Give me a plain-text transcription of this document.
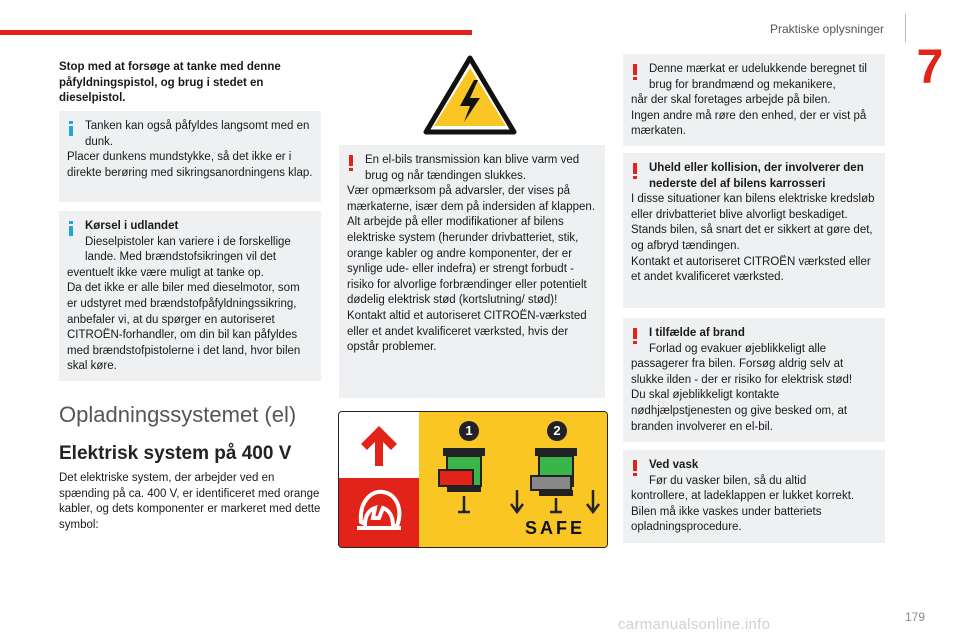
Praktiske oplysninger
7
Stop med at forsøge at tanke med denne påfyldningspistol, og brug i stedet en dieselpistol.
Tanken kan også påfyldes langsomt med en dunk.
Placer dunkens mundstykke, så det ikke er i direkte berøring med sikringsanordningens klap.
Kørsel i udlandet
Dieselpistoler kan variere i de forskellige lande. Med brændstofsikringen vil det
eventuelt ikke være muligt at tanke op.
Da det ikke er alle biler med dieselmotor, som er udstyret med brændstofpåfyldningssikring, anbefaler vi, at du spørger en autoriseret CITROËN-forhandler, om din bil kan påfyldes med brændstofpistolerne i det land, hvor bilen skal køre.
Opladningssystemet (el)
Elektrisk system på 400 V
Det elektriske system, der arbejder ved en spænding på ca. 400 V, er identificeret med orange kabler, og dets komponenter er markeret med dette symbol:
En el-bils transmission kan blive varm ved brug og når tændingen slukkes.
Vær opmærksom på advarsler, der vises på mærkaterne, især dem på indersiden af klappen.
Alt arbejde på eller modifikationer af bilens elektriske system (herunder drivbatteriet, stik, orange kabler og andre komponenter, der er synlige ude- eller indefra) er strengt forbudt - risiko for alvorlige forbrændinger eller potentielt dødelig elektrisk stød (kortslutning/ stød)!
Kontakt altid et autoriseret CITROËN-værksted eller et andet kvalificeret værksted, hvis der opstår problemer.
1	2
SAFE
Denne mærkat er udelukkende beregnet til brug for brandmænd og mekanikere,
når der skal foretages arbejde på bilen.
Ingen andre må røre den enhed, der er vist på mærkaten.
Uheld eller kollision, der involverer den nederste del af bilens karrosseri
I disse situationer kan bilens elektriske kredsløb eller drivbatteriet blive alvorligt beskadiget.
Stands bilen, så snart det er sikkert at gøre det, og afbryd tændingen.
Kontakt et autoriseret CITROËN værksted eller et andet kvalificeret værksted.
I tilfælde af brand
Forlad og evakuer øjeblikkeligt alle
passagerer fra bilen. Forsøg aldrig selv at slukke ilden - der er risiko for elektrisk stød!
Du skal øjeblikkeligt kontakte nødhjælpstjenesten og give besked om, at branden involverer en el-bil.
Ved vask
Før du vasker bilen, så du altid
kontrollere, at ladeklappen er lukket korrekt.
Bilen må ikke vaskes under batteriets opladningsprocedure.
carmanualsonline.info	179
